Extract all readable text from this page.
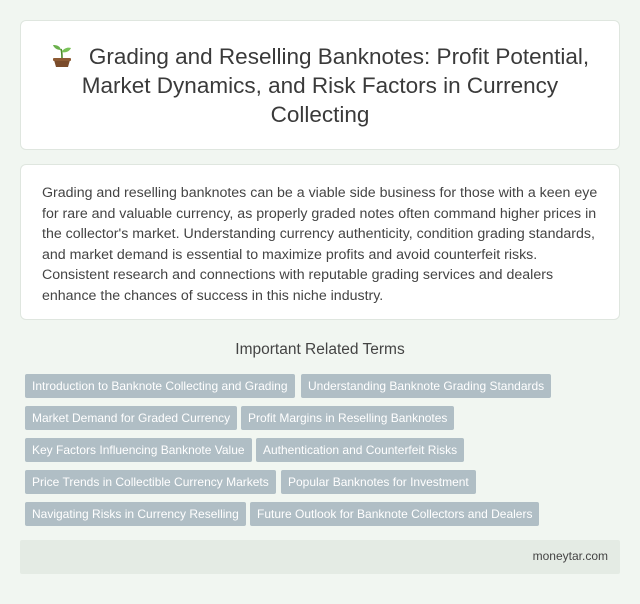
Grading and Reselling Banknotes: Profit Potential, Market Dynamics, and Risk Factors in Currency Collecting

Grading and reselling banknotes can be a viable side business for those with a keen eye for rare and valuable currency, as properly graded notes often command higher prices in the collector's market. Understanding currency authenticity, condition grading standards, and market demand is essential to maximize profits and avoid counterfeit risks. Consistent research and connections with reputable grading services and dealers enhance the chances of success in this niche industry.

Important Related Terms
Introduction to Banknote Collecting and Grading	Understanding Banknote Grading Standards
Market Demand for Graded Currency	Profit Margins in Reselling Banknotes
Key Factors Influencing Banknote Value	Authentication and Counterfeit Risks
Price Trends in Collectible Currency Markets	Popular Banknotes for Investment
Navigating Risks in Currency Reselling	Future Outlook for Banknote Collectors and Dealers
moneytar.com
